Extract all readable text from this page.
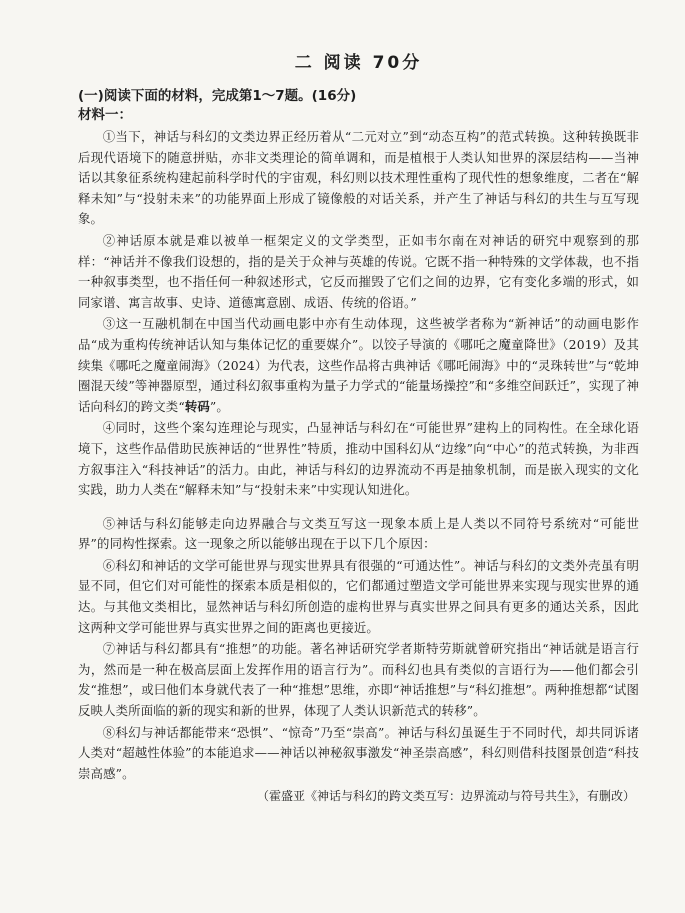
二 阅读 70分
(一)阅读下面的材料，完成第1～7题。(16分)
材料一：

①当下，神话与科幻的文类边界正经历着从“二元对立”到“动态互构”的范式转换。这种转换既非后现代语境下的随意拼贴，亦非文类理论的简单调和，而是植根于人类认知世界的深层结构——当神话以其象征系统构建起前科学时代的宇宙观，科幻则以技术理性重构了现代性的想象维度，二者在“解释未知”与“投射未来”的功能界面上形成了镜像般的对话关系，并产生了神话与科幻的共生与互写现象。

②神话原本就是难以被单一框架定义的文学类型，正如韦尔南在对神话的研究中观察到的那样：“神话并不像我们设想的，指的是关于众神与英雄的传说。它既不指一种特殊的文学体裁，也不指一种叙事类型，也不指任何一种叙述形式，它反而摧毁了它们之间的边界，它有变化多端的形式，如同家谱、寓言故事、史诗、道德寓意剧、成语、传统的俗语。”

③这一互融机制在中国当代动画电影中亦有生动体现，这些被学者称为“新神话”的动画电影作品“成为重构传统神话认知与集体记忆的重要媒介”。以饺子导演的《哪吒之魔童降世》（2019）及其续集《哪吒之魔童闹海》（2024）为代表，这些作品将古典神话《哪吒闹海》中的“灵珠转世”与“乾坤圈混天绫”等神器原型，通过科幻叙事重构为量子力学式的“能量场操控”和“多维空间跃迁”，实现了神话向科幻的跨文类“转码”。

④同时，这些个案勾连理论与现实，凸显神话与科幻在“可能世界”建构上的同构性。在全球化语境下，这些作品借助民族神话的“世界性”特质，推动中国科幻从“边缘”向“中心”的范式转换，为非西方叙事注入“科技神话”的活力。由此，神话与科幻的边界流动不再是抽象机制，而是嵌入现实的文化实践，助力人类在“解释未知”与“投射未来”中实现认知进化。

⑤神话与科幻能够走向边界融合与文类互写这一现象本质上是人类以不同符号系统对“可能世界”的同构性探索。这一现象之所以能够出现在于以下几个原因：

⑥科幻和神话的文学可能世界与现实世界具有很强的“可通达性”。神话与科幻的文类外壳虽有明显不同，但它们对可能性的探索本质是相似的，它们都通过塑造文学可能世界来实现与现实世界的通达。与其他文类相比，显然神话与科幻所创造的虚构世界与真实世界之间具有更多的通达关系，因此这两种文学可能世界与真实世界之间的距离也更接近。

⑦神话与科幻都具有“推想”的功能。著名神话研究学者斯特劳斯就曾研究指出“神话就是语言行为，然而是一种在极高层面上发挥作用的语言行为”。而科幻也具有类似的言语行为——他们都会引发“推想”，或曰他们本身就代表了一种“推想”思维，亦即“神话推想”与“科幻推想”。两种推想都“试图反映人类所面临的新的现实和新的世界，体现了人类认识新范式的转移”。

⑧科幻与神话都能带来“恐惧”、“惊奇”乃至“崇高”。神话与科幻虽诞生于不同时代，却共同诉诸人类对“超越性体验”的本能追求——神话以神秘叙事激发“神圣崇高感”，科幻则借科技图景创造“科技崇高感”。

（霍盛亚《神话与科幻的跨文类互写：边界流动与符号共生》，有删改）
